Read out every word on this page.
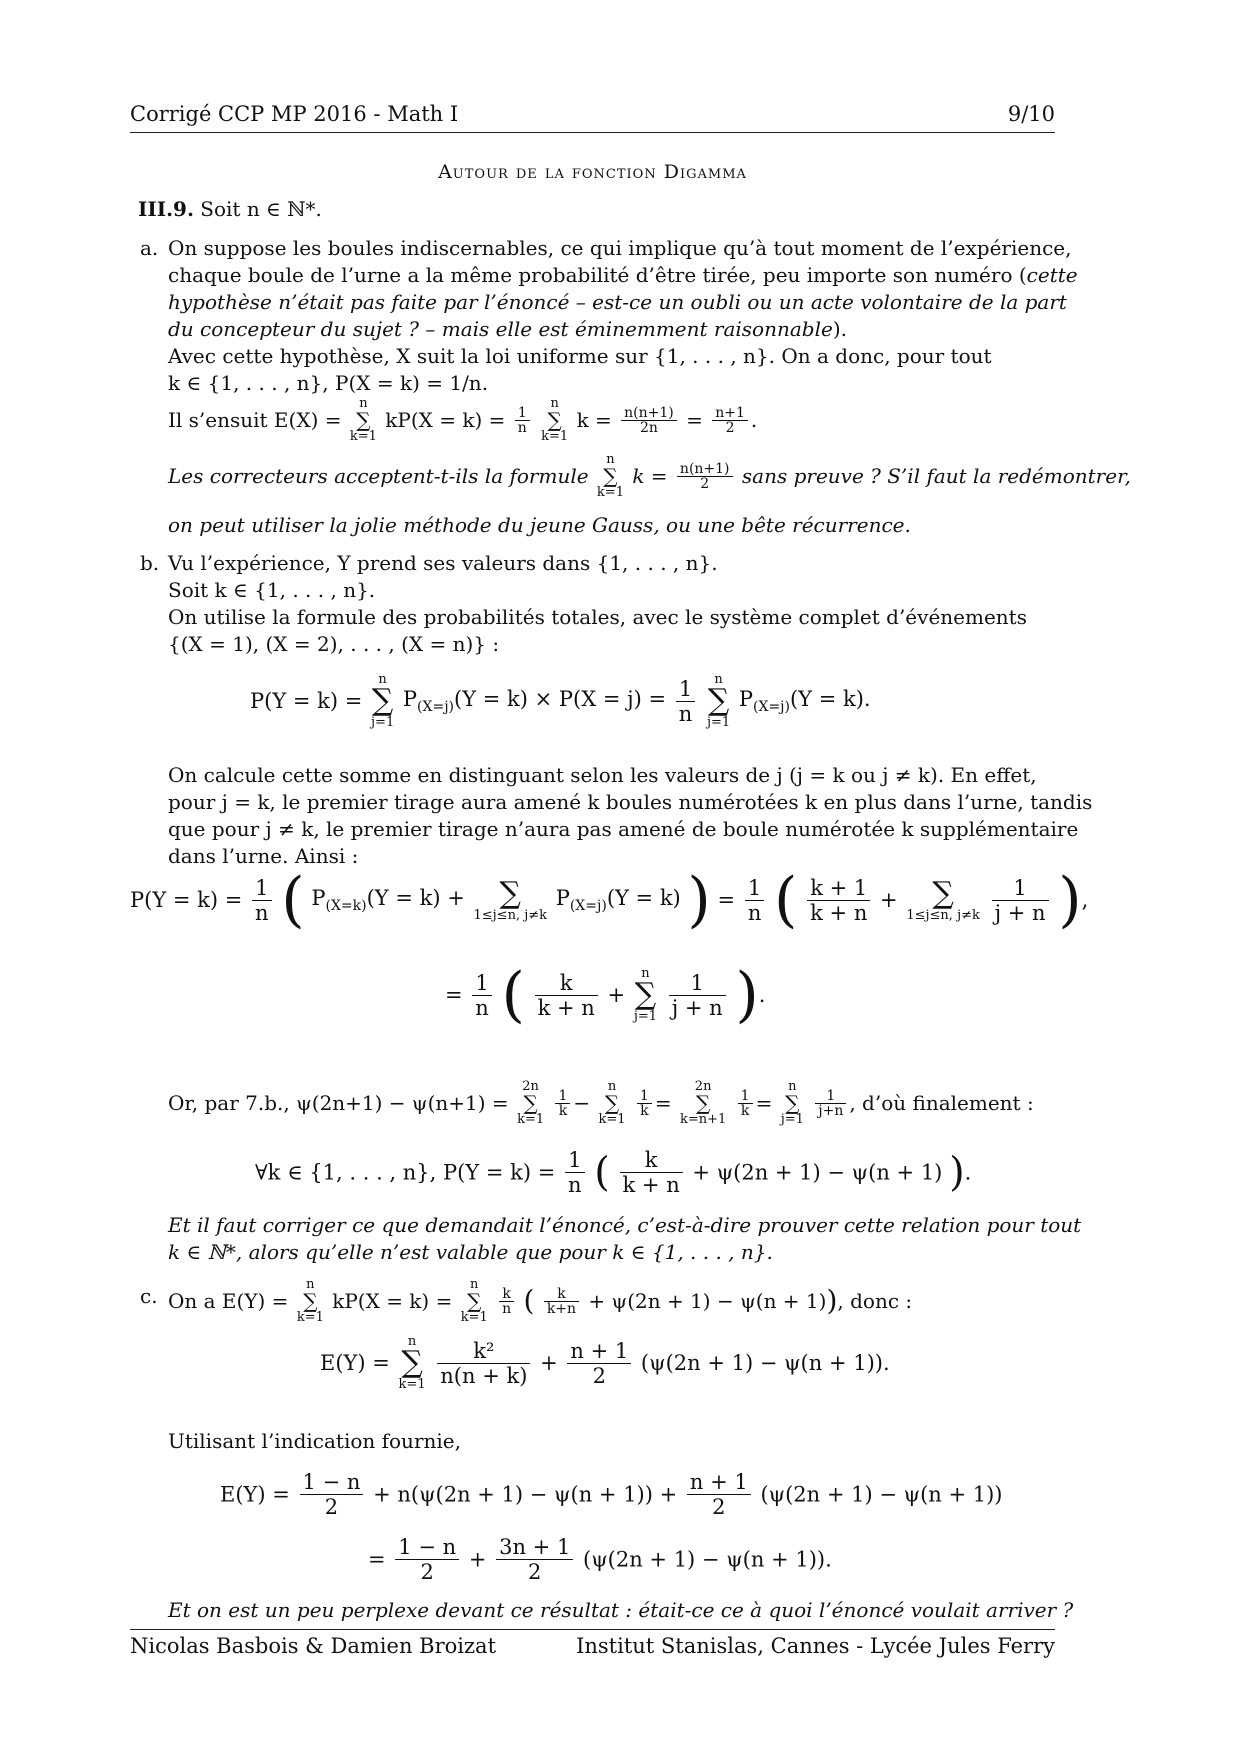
Corrigé CCP MP 2016 - Math I	9/10
Autour de la fonction Digamma
III.9. Soit n ∈ ℕ*.
a. On suppose les boules indiscernables, ce qui implique qu’à tout moment de l’expérience,
chaque boule de l’urne a la même probabilité d’être tirée, peu importe son numéro (cette
hypothèse n’était pas faite par l’énoncé – est-ce un oubli ou un acte volontaire de la part
du concepteur du sujet ? – mais elle est éminemment raisonnable).
Avec cette hypothèse, X suit la loi uniforme sur {1, . . . , n}. On a donc, pour tout
k ∈ {1, . . . , n}, P(X = k) = 1/n.
Il s’ensuit E(X) =
n
∑
k=1
$kP(X = k) = \frac{1}{n}$

n
∑
k=1
$k = \frac{n(n+1)}{2n} = \frac{n+1}{2}$ .
Les correcteurs acceptent-t-ils la formule
n
∑
k=1
$k = \frac{n(n+1)}{2}$ sans preuve ? S’il faut la redémontrer,
on peut utiliser la jolie méthode du jeune Gauss, ou une bête récurrence.
b. Vu l’expérience, Y prend ses valeurs dans {1, . . . , n}.
Soit k ∈ {1, . . . , n}.
On utilise la formule des probabilités totales, avec le système complet d’événements
{(X = 1), (X = 2), . . . , (X = n)} :
P(Y = k) =
n
∑
j=1
$P_{(X=j)}(Y = k) \times P(X = j) = \frac{1}{n}$
	n
∑
j=1
$P_{(X=j)}(Y = k)$.
On calcule cette somme en distinguant selon les valeurs de j (j = k ou j ≠ k). En effet,
pour j = k, le premier tirage aura amené k boules numérotées k en plus dans l’urne, tandis
que pour j ≠ k, le premier tirage n’aura pas amené de boule numérotée k supplémentaire
dans l’urne. Ainsi :
$P(Y = k) = \frac{1}{n}$ ( $P_{(X=k)}(Y = k)$ +	∑
1≤j≤n, j≠k
$P_{(X=j)}(Y = k)$ ) = $\frac{1}{n}$ ( $\frac{k + 1}{k + n}$ +	∑
1≤j≤n, j≠k
$\frac{1}{j + n}$ ),
= $\frac{1}{n}$ ( $\frac{k}{k + n}$ +
n
∑
j=1
$\frac{1}{j + n}$ ).
Or, par 7.b., ψ(2n+1) − ψ(n+1) =
2n
∑
k=1

$\frac{1}{k}$ −
n
∑
k=1

$\frac{1}{k}$ =
2n
∑
k=n+1

$\frac{1}{k}$ =
n
∑
j=1

$\frac{1}{j+n}$ , d’où finalement :
∀k ∈ {1, . . . , n}, $P(Y = k) = \frac{1}{n}$ ( $\frac{k}{k + n} + \psi(2n + 1) - \psi(n + 1)$ ).
Et il faut corriger ce que demandait l’énoncé, c’est-à-dire prouver cette relation pour tout
k ∈ ℕ*, alors qu’elle n’est valable que pour k ∈ {1, . . . , n}.
c. On a E(Y) =
n
∑
k=1
kP(X = k) =
n
∑
k=1

$\frac{k}{n}$ ( $\frac{k}{k+n} + \psi(2n + 1) - \psi(n + 1)$), donc :
E(Y) =
n
∑
k=1
$\frac{\text{k²}}{n(n + k)} + \frac{n + 1}{2} (\psi(2n + 1) - \psi(n + 1))$.
Utilisant l’indication fournie,
$E(Y) = \frac{1 - n}{2} + n(\psi(2n + 1) - \psi(n + 1)) + \frac{n + 1}{2} (\psi(2n + 1) - \psi(n + 1))$
= $\frac{1 - n}{2} + \frac{3n + 1}{2} (\psi(2n + 1) - \psi(n + 1))$.
Et on est un peu perplexe devant ce résultat : était-ce ce à quoi l’énoncé voulait arriver ?
Nicolas Basbois & Damien Broizat	Institut Stanislas, Cannes - Lycée Jules Ferry
